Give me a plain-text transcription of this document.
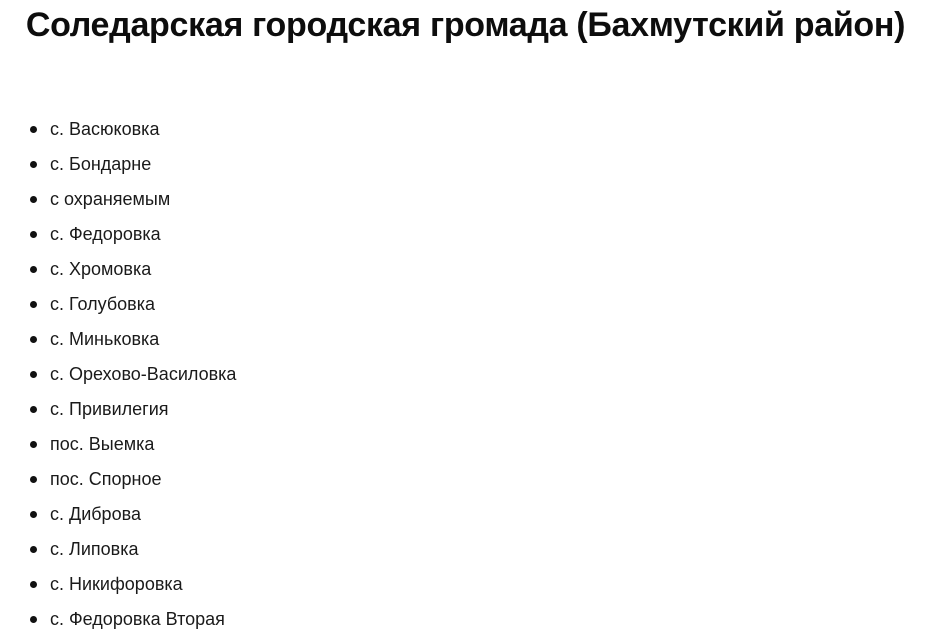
Соледарская городская громада (Бахмутский район)
с. Васюковка
с. Бондарне
с охраняемым
с. Федоровка
с. Хромовка
с. Голубовка
с. Миньковка
с. Орехово-Василовка
с. Привилегия
пос. Выемка
пос. Спорное
с. Диброва
с. Липовка
с. Никифоровка
с. Федоровка Вторая
